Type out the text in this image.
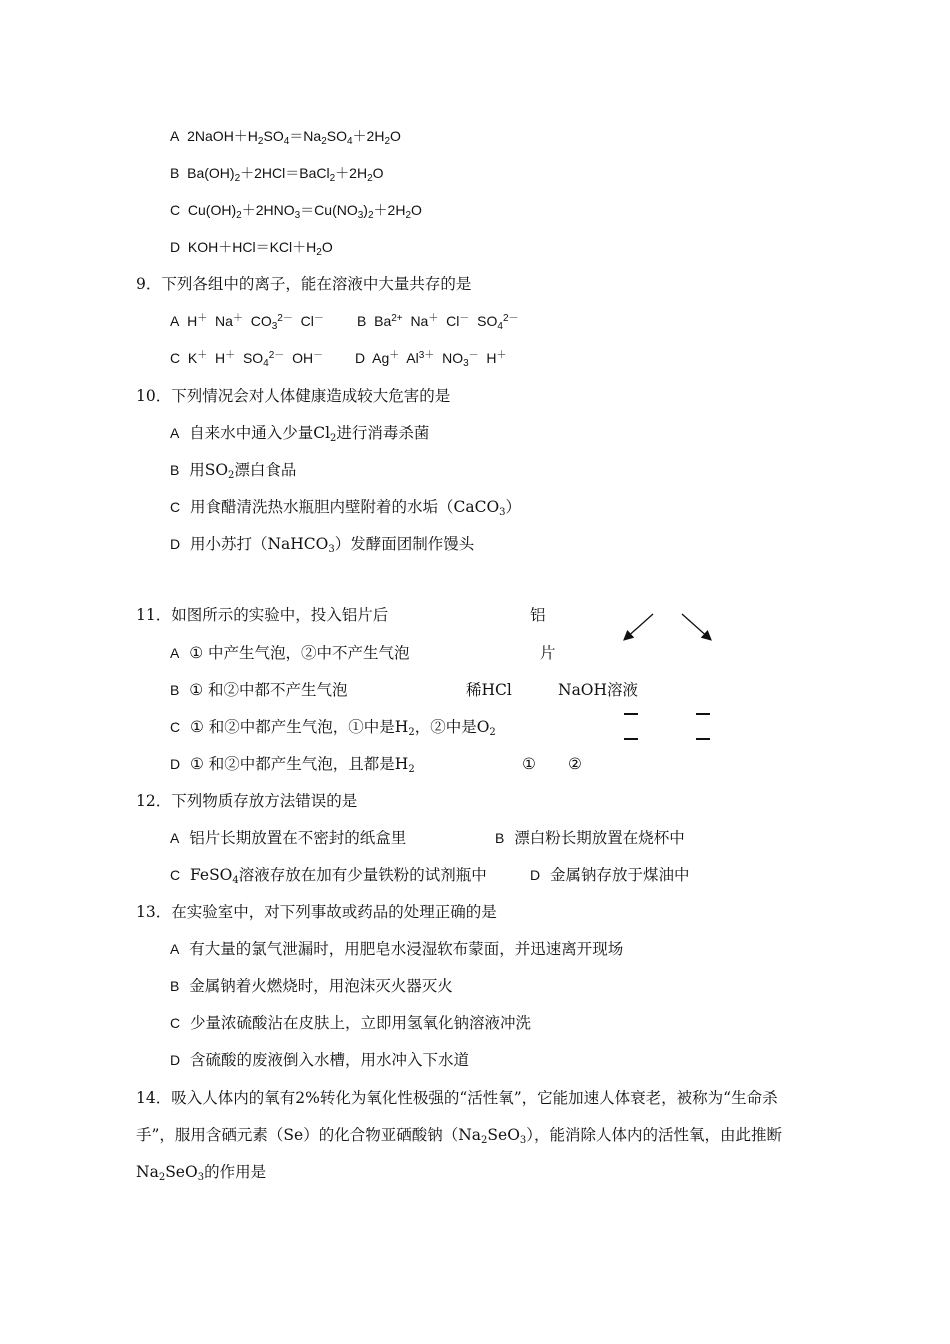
A $2NaOH+H_2SO_4=Na_2SO_4+2H_2O$
B $Ba(OH)_2+2HCl=BaCl_2+2H_2O$
C $Cu(OH)_2+2HNO_3=Cu(NO_3)_2+2H_2O$
D $KOH+HCl=KCl+H_2O$
9．下列各组中的离子，能在溶液中大量共存的是
A H＋ Na＋ $CO_3^{2-}$ Cl－ B $Ba^{2+}$ Na＋ Cl－ $SO_4^{2-}$
C K＋ H＋ $SO_4^{2-}$ OH－ D Ag＋ $Al^{3+}$ $NO_3^-$ H＋
10．下列情况会对人体健康造成较大危害的是
A 自来水中通入少量$Cl_2$进行消毒杀菌
B 用$SO_2$漂白食品
C 用食醋清洗热水瓶胆内壁附着的水垢（CaCO$_3$）
D 用小苏打（NaHCO$_3$）发酵面团制作馒头
11．如图所示的实验中，投入铝片后
A ① 中产生气泡，②中不产生气泡
B ① 和②中都不产生气泡
C ① 和②中都产生气泡，①中是$H_2$，②中是$O_2$
D ① 和②中都产生气泡，且都是$H_2$
铝
片
稀HCl	NaOH溶液
① ②
12．下列物质存放方法错误的是
A 铝片长期放置在不密封的纸盒里	B 漂白粉长期放置在烧杯中
C FeSO$_4$溶液存放在加有少量铁粉的试剂瓶中	D 金属钠存放于煤油中
13．在实验室中，对下列事故或药品的处理正确的是
A 有大量的氯气泄漏时，用肥皂水浸湿软布蒙面，并迅速离开现场
B 金属钠着火燃烧时，用泡沫灭火器灭火
C 少量浓硫酸沾在皮肤上，立即用氢氧化钠溶液冲洗
D 含硫酸的废液倒入水槽，用水冲入下水道
14．吸入人体内的氧有2%转化为氧化性极强的“活性氧”，它能加速人体衰老，被称为“生命杀手”，服用含硒元素（Se）的化合物亚硒酸钠$(Na_2SeO_3)$，能消除人体内的活性氧，由此推断$Na_2SeO_3$的作用是
